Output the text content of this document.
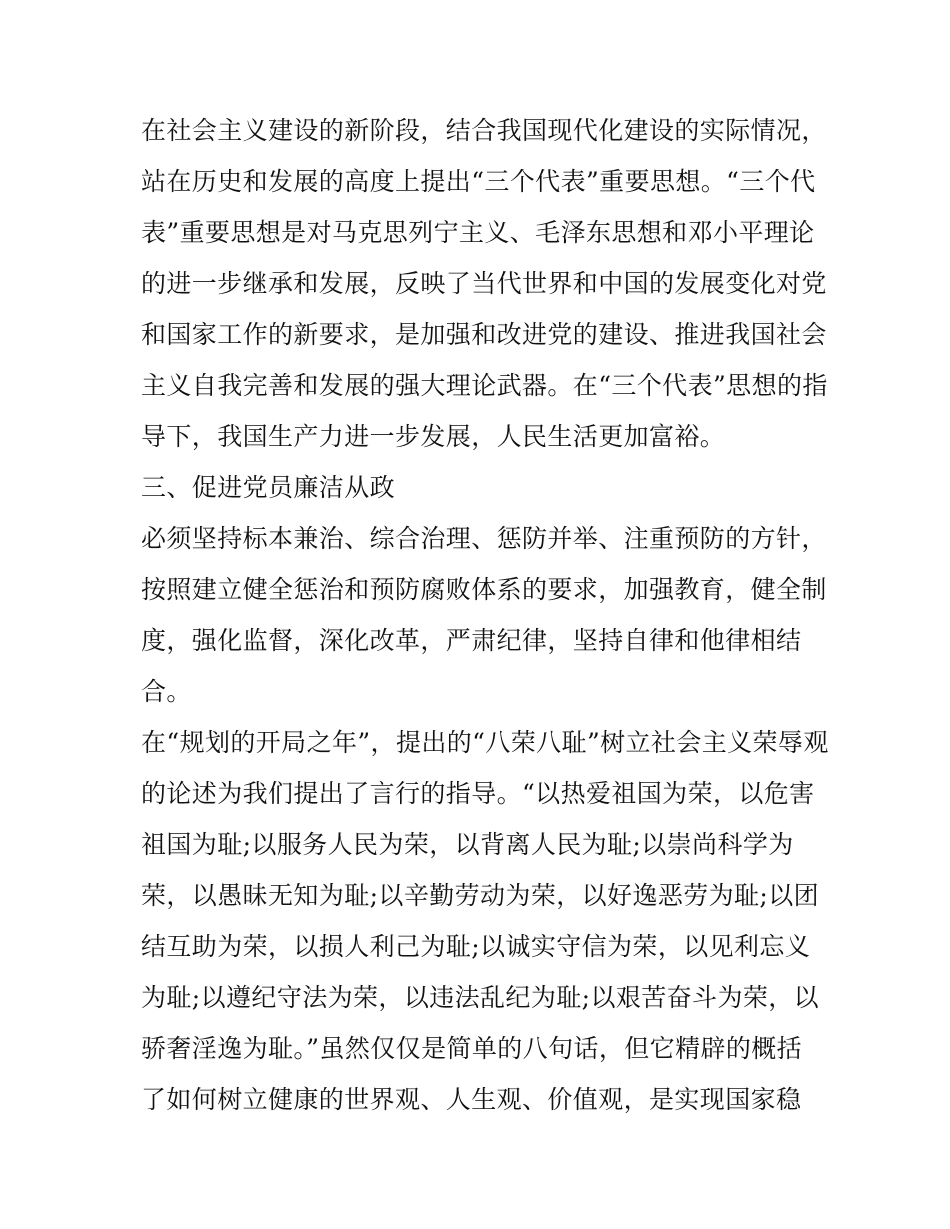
在社会主义建设的新阶段，结合我国现代化建设的实际情况，
站在历史和发展的高度上提出“三个代表”重要思想。“三个代
表”重要思想是对马克思列宁主义、毛泽东思想和邓小平理论
的进一步继承和发展，反映了当代世界和中国的发展变化对党
和国家工作的新要求，是加强和改进党的建设、推进我国社会
主义自我完善和发展的强大理论武器。在“三个代表”思想的指
导下，我国生产力进一步发展，人民生活更加富裕。
三、促进党员廉洁从政
必须坚持标本兼治、综合治理、惩防并举、注重预防的方针，
按照建立健全惩治和预防腐败体系的要求，加强教育，健全制
度，强化监督，深化改革，严肃纪律，坚持自律和他律相结
合。
在“规划的开局之年”，提出的“八荣八耻”树立社会主义荣辱观
的论述为我们提出了言行的指导。“以热爱祖国为荣，以危害
祖国为耻;以服务人民为荣，以背离人民为耻;以崇尚科学为
荣，以愚昧无知为耻;以辛勤劳动为荣，以好逸恶劳为耻;以团
结互助为荣，以损人利己为耻;以诚实守信为荣，以见利忘义
为耻;以遵纪守法为荣，以违法乱纪为耻;以艰苦奋斗为荣，以
骄奢淫逸为耻。”虽然仅仅是简单的八句话，但它精辟的概括
了如何树立健康的世界观、人生观、价值观，是实现国家稳
